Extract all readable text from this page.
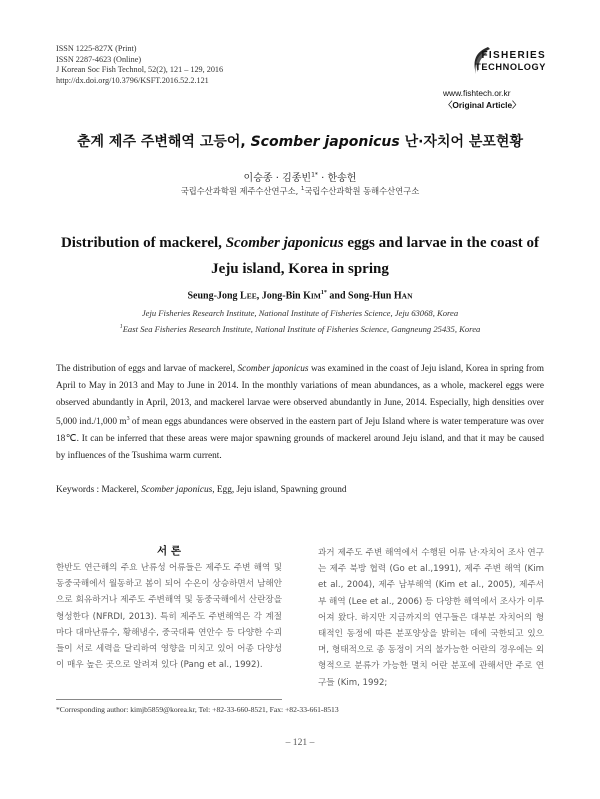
ISSN 1225-827X (Print)
ISSN 2287-4623 (Online)
J Korean Soc Fish Technol, 52(2), 121 – 129, 2016
http://dx.doi.org/10.3796/KSFT.2016.52.2.121
FISHERIES
TECHNOLOGY
www.fishtech.or.kr
〈Original Article〉
춘계 제주 주변해역 고등어, Scomber japonicus 난·자치어 분포현황
이승종 · 김종빈$^{1*}$ · 한송헌
국립수산과학원 제주수산연구소, $^1$국립수산과학원 동해수산연구소
Distribution of mackerel, Scomber japonicus eggs and larvae in the coast of Jeju island, Korea in spring
Seung-Jong LEE, Jong-Bin $KIM^{1*}$ and Song-Hun HAN
Jeju Fisheries Research Institute, National Institute of Fisheries Science, Jeju 63068, Korea
$^1$East Sea Fisheries Research Institute, National Institute of Fisheries Science, Gangneung 25435, Korea
The distribution of eggs and larvae of mackerel, Scomber japonicus was examined in the coast of Jeju island, Korea in spring from April to May in 2013 and May to June in 2014. In the monthly variations of mean abundances, as a whole, mackerel eggs were observed abundantly in April, 2013, and mackerel larvae were observed abundantly in June, 2014. Especially, high densities over 5,000 ind./1,000 $m^3$ of mean eggs abundances were observed in the eastern part of Jeju Island where is water temperature was over 18℃. It can be inferred that these areas were major spawning grounds of mackerel around Jeju island, and that it may be caused by influences of the Tsushima warm current.
Keywords : Mackerel, Scomber japonicus, Egg, Jeju island, Spawning ground
서 론
한반도 연근해의 주요 난류성 어류들은 제주도 주변 해역 및 동중국해에서 월동하고 봄이 되어 수온이 상승하면서 남해안으로 회유하거나 제주도 주변해역 및 동중국해에서 산란장을 형성한다 (NFRDI, 2013). 특히 제주도 주변해역은 각 계절마다 대마난류수, 황해냉수, 중국대륙 연안수 등 다양한 수괴들이 서로 세력을 달리하여 영향을 미치고 있어 어종 다양성이 매우 높은 곳으로 알려져 있다 (Pang et al., 1992).
과거 제주도 주변 해역에서 수행된 어류 난·자치어 조사 연구는 제주 북방 협력 (Go et al.,1991), 제주 주변 해역 (Kim et al., 2004), 제주 남부해역 (Kim et al., 2005), 제주서부 해역 (Lee et al., 2006) 등 다양한 해역에서 조사가 이루어져 왔다. 하지만 지금까지의 연구들은 대부분 자치어의 형태적인 동정에 따른 분포양상을 밝히는 데에 국한되고 있으며, 형태적으로 종 동정이 거의 불가능한 어란의 경우에는 외형적으로 분류가 가능한 멸치 어란 분포에 관해서만 주로 연구들 (Kim, 1992;
*Corresponding author: kimjb5859@korea.kr, Tel: +82-33-660-8521, Fax: +82-33-661-8513
– 121 –
